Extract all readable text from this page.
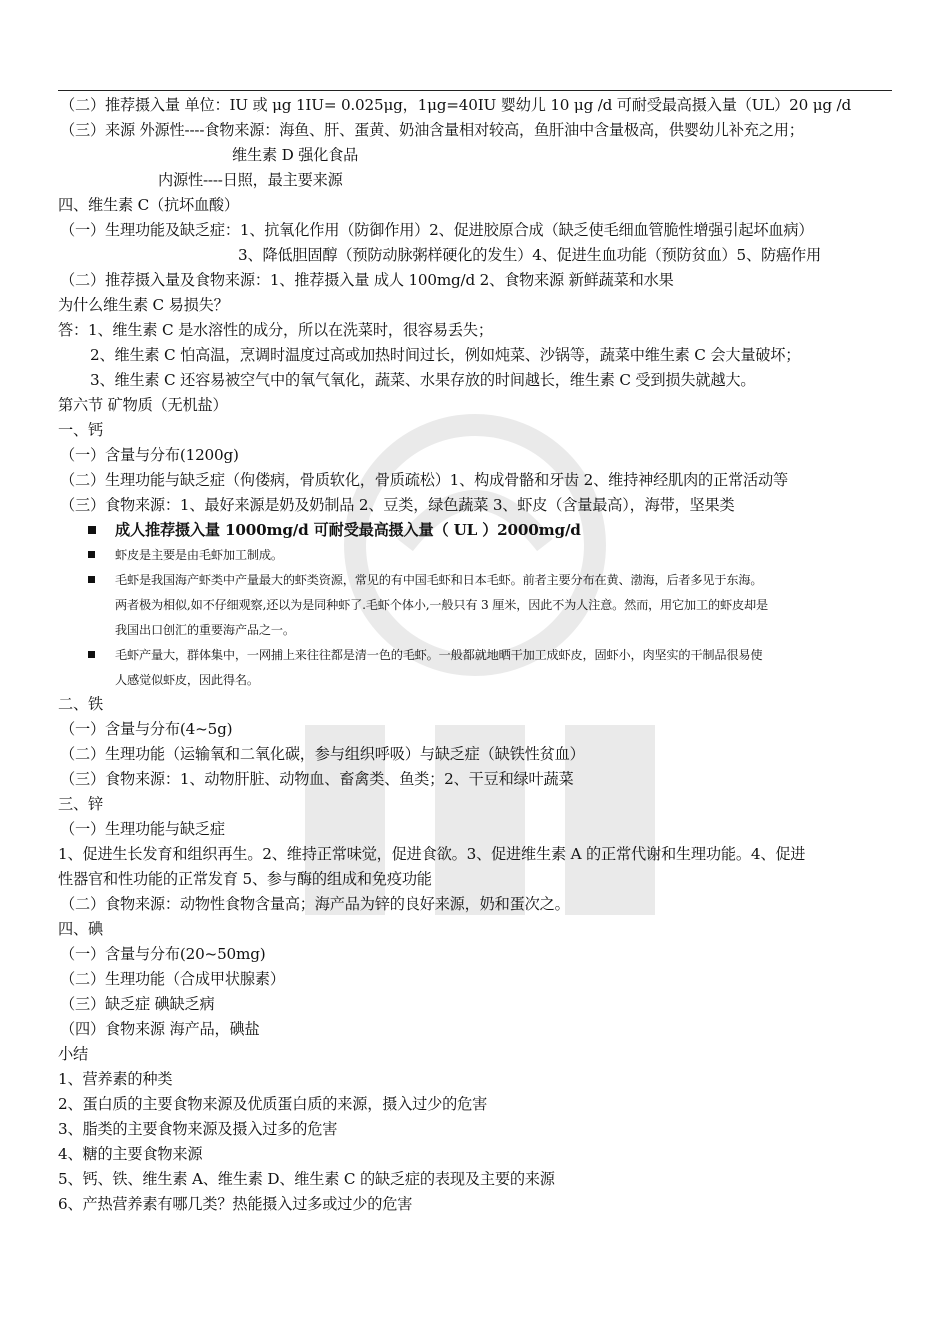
（二）推荐摄入量 单位：IU 或 μg 1IU= 0.025μg，1μg=40IU 婴幼儿 10 μg /d 可耐受最高摄入量（UL）20 μg /d
（三）来源 外源性----食物来源：海鱼、肝、蛋黄、奶油含量相对较高，鱼肝油中含量极高，供婴幼儿补充之用；
维生素 D 强化食品
内源性----日照，最主要来源
四、维生素 C（抗坏血酸）
（一）生理功能及缺乏症：1、抗氧化作用（防御作用）2、促进胶原合成（缺乏使毛细血管脆性增强引起坏血病）
3、降低胆固醇（预防动脉粥样硬化的发生）4、促进生血功能（预防贫血）5、防癌作用
（二）推荐摄入量及食物来源：1、推荐摄入量 成人 100mg/d 2、食物来源 新鲜蔬菜和水果
为什么维生素 C 易损失？
答：1、维生素 C 是水溶性的成分，所以在洗菜时，很容易丢失；
2、维生素 C 怕高温，烹调时温度过高或加热时间过长，例如炖菜、沙锅等，蔬菜中维生素 C 会大量破坏；
3、维生素 C 还容易被空气中的氧气氧化，蔬菜、水果存放的时间越长，维生素 C 受到损失就越大。
第六节 矿物质（无机盐）
一、钙
（一）含量与分布(1200g)
（二）生理功能与缺乏症（佝偻病，骨质软化，骨质疏松）1、构成骨骼和牙齿 2、维持神经肌肉的正常活动等
（三）食物来源：1、最好来源是奶及奶制品 2、豆类，绿色蔬菜 3、虾皮（含量最高），海带，坚果类
成人推荐摄入量 1000mg/d 可耐受最高摄入量（ UL ）2000mg/d
虾皮是主要是由毛虾加工制成。
毛虾是我国海产虾类中产量最大的虾类资源，常见的有中国毛虾和日本毛虾。前者主要分布在黄、渤海，后者多见于东海。
两者极为相似,如不仔细观察,还以为是同种虾了.毛虾个体小,一般只有 3 厘米，因此不为人注意。然而，用它加工的虾皮却是
我国出口创汇的重要海产品之一。
毛虾产量大，群体集中，一网捕上来往往都是清一色的毛虾。一般都就地晒干加工成虾皮，固虾小，肉坚实的干制品很易使
人感觉似虾皮，因此得名。
二、铁
（一）含量与分布(4~5g)
（二）生理功能（运输氧和二氧化碳，参与组织呼吸）与缺乏症（缺铁性贫血）
（三）食物来源：1、动物肝脏、动物血、畜禽类、鱼类；2、干豆和绿叶蔬菜
三、锌
（一）生理功能与缺乏症
1、促进生长发育和组织再生。2、维持正常味觉，促进食欲。3、促进维生素 A 的正常代谢和生理功能。4、促进
性器官和性功能的正常发育 5、参与酶的组成和免疫功能
（二）食物来源：动物性食物含量高；海产品为锌的良好来源，奶和蛋次之。
四、碘
（一）含量与分布(20~50mg)
（二）生理功能（合成甲状腺素）
（三）缺乏症 碘缺乏病
（四）食物来源 海产品，碘盐
小结
1、营养素的种类
2、蛋白质的主要食物来源及优质蛋白质的来源，摄入过少的危害
3、脂类的主要食物来源及摄入过多的危害
4、糖的主要食物来源
5、钙、铁、维生素 A、维生素 D、维生素 C 的缺乏症的表现及主要的来源
6、产热营养素有哪几类？热能摄入过多或过少的危害
